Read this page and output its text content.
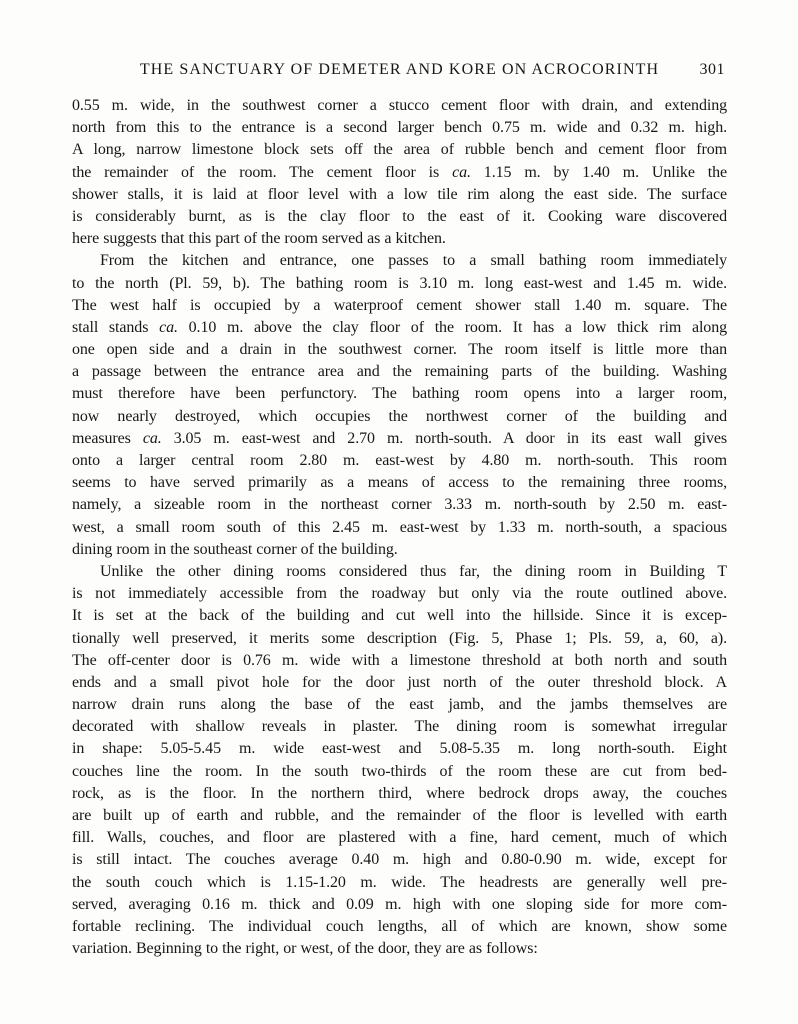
THE SANCTUARY OF DEMETER AND KORE ON ACROCORINTH	301
0.55 m. wide, in the southwest corner a stucco cement floor with drain, and extending
north from this to the entrance is a second larger bench 0.75 m. wide and 0.32 m. high.
A long, narrow limestone block sets off the area of rubble bench and cement floor from
the remainder of the room. The cement floor is ca. 1.15 m. by 1.40 m. Unlike the
shower stalls, it is laid at floor level with a low tile rim along the east side. The surface
is considerably burnt, as is the clay floor to the east of it. Cooking ware discovered
here suggests that this part of the room served as a kitchen.
From the kitchen and entrance, one passes to a small bathing room immediately
to the north (Pl. 59, b). The bathing room is 3.10 m. long east-west and 1.45 m. wide.
The west half is occupied by a waterproof cement shower stall 1.40 m. square. The
stall stands ca. 0.10 m. above the clay floor of the room. It has a low thick rim along
one open side and a drain in the southwest corner. The room itself is little more than
a passage between the entrance area and the remaining parts of the building. Washing
must therefore have been perfunctory. The bathing room opens into a larger room,
now nearly destroyed, which occupies the northwest corner of the building and
measures ca. 3.05 m. east-west and 2.70 m. north-south. A door in its east wall gives
onto a larger central room 2.80 m. east-west by 4.80 m. north-south. This room
seems to have served primarily as a means of access to the remaining three rooms,
namely, a sizeable room in the northeast corner 3.33 m. north-south by 2.50 m. east-
west, a small room south of this 2.45 m. east-west by 1.33 m. north-south, a spacious
dining room in the southeast corner of the building.
Unlike the other dining rooms considered thus far, the dining room in Building T
is not immediately accessible from the roadway but only via the route outlined above.
It is set at the back of the building and cut well into the hillside. Since it is excep-
tionally well preserved, it merits some description (Fig. 5, Phase 1; Pls. 59, a, 60, a).
The off-center door is 0.76 m. wide with a limestone threshold at both north and south
ends and a small pivot hole for the door just north of the outer threshold block. A
narrow drain runs along the base of the east jamb, and the jambs themselves are
decorated with shallow reveals in plaster. The dining room is somewhat irregular
in shape: 5.05-5.45 m. wide east-west and 5.08-5.35 m. long north-south. Eight
couches line the room. In the south two-thirds of the room these are cut from bed-
rock, as is the floor. In the northern third, where bedrock drops away, the couches
are built up of earth and rubble, and the remainder of the floor is levelled with earth
fill. Walls, couches, and floor are plastered with a fine, hard cement, much of which
is still intact. The couches average 0.40 m. high and 0.80-0.90 m. wide, except for
the south couch which is 1.15-1.20 m. wide. The headrests are generally well pre-
served, averaging 0.16 m. thick and 0.09 m. high with one sloping side for more com-
fortable reclining. The individual couch lengths, all of which are known, show some
variation. Beginning to the right, or west, of the door, they are as follows:
